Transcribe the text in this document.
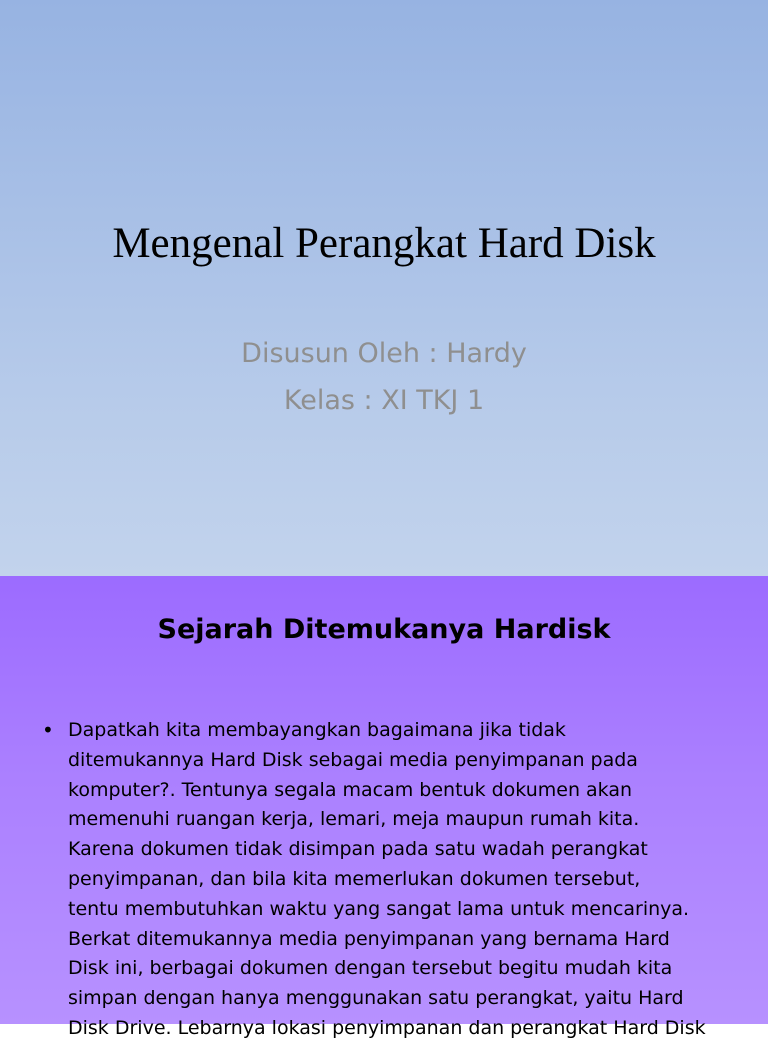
Mengenal Perangkat Hard Disk

Disusun Oleh : Hardy

Kelas : XI TKJ 1

Sejarah Ditemukanya Hardisk
• Dapatkah kita membayangkan bagaimana jika tidak
ditemukannya Hard Disk sebagai media penyimpanan pada
komputer?. Tentunya segala macam bentuk dokumen akan
memenuhi ruangan kerja, lemari, meja maupun rumah kita.
Karena dokumen tidak disimpan pada satu wadah perangkat
penyimpanan, dan bila kita memerlukan dokumen tersebut,
tentu membutuhkan waktu yang sangat lama untuk mencarinya.
Berkat ditemukannya media penyimpanan yang bernama Hard
Disk ini, berbagai dokumen dengan tersebut begitu mudah kita
simpan dengan hanya menggunakan satu perangkat, yaitu Hard
Disk Drive. Lebarnya lokasi penyimpanan dan perangkat Hard Disk
